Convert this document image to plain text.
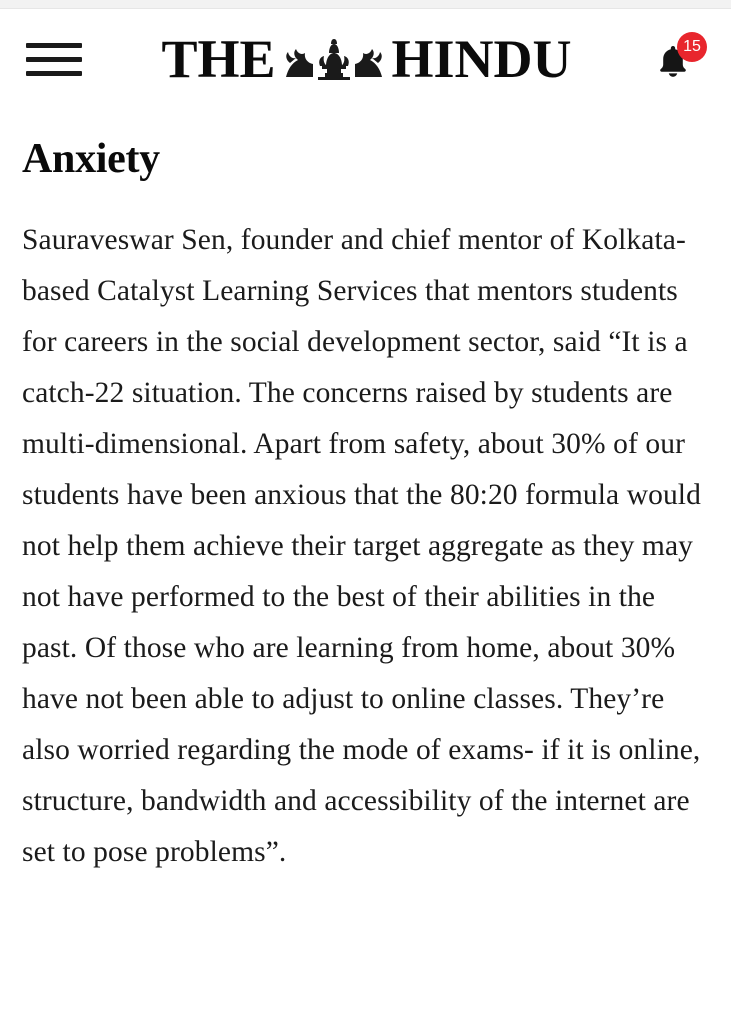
THE HINDU	15
Anxiety

Sauraveswar Sen, founder and chief mentor of Kolkata-based Catalyst Learning Services that mentors students for careers in the social development sector, said “It is a catch-22 situation. The concerns raised by students are multi-dimensional. Apart from safety, about 30% of our students have been anxious that the 80:20 formula would not help them achieve their target aggregate as they may not have performed to the best of their abilities in the past. Of those who are learning from home, about 30% have not been able to adjust to online classes. They’re also worried regarding the mode of exams- if it is online, structure, bandwidth and accessibility of the internet are set to pose problems”.
